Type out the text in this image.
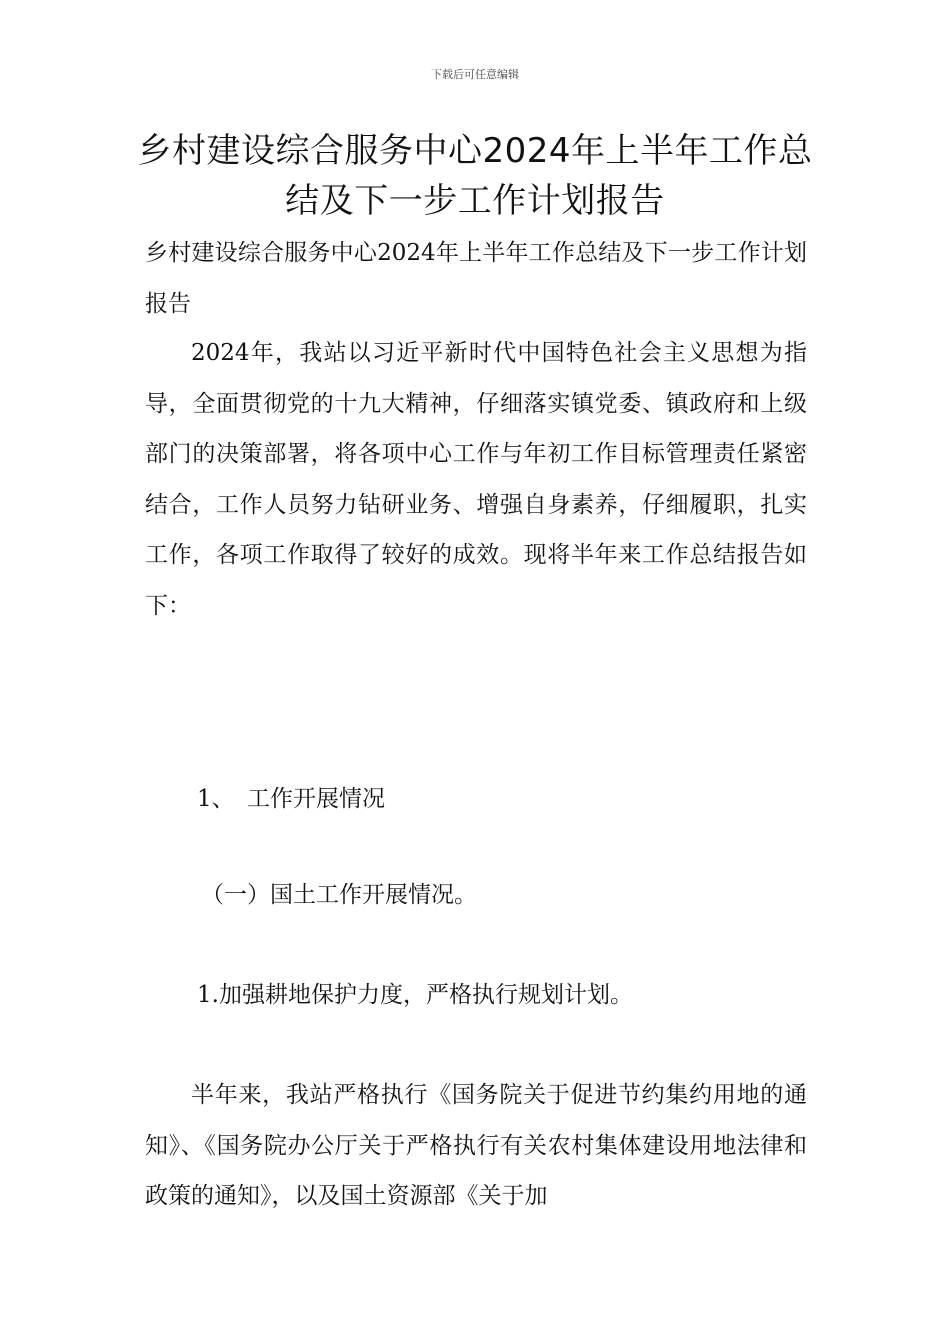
下载后可任意编辑
乡村建设综合服务中心2024年上半年工作总结及下一步工作计划报告

乡村建设综合服务中心2024年上半年工作总结及下一步工作计划报告

2024年，我站以习近平新时代中国特色社会主义思想为指导，全面贯彻党的十九大精神，仔细落实镇党委、镇政府和上级部门的决策部署，将各项中心工作与年初工作目标管理责任紧密结合，工作人员努力钻研业务、增强自身素养，仔细履职，扎实工作，各项工作取得了较好的成效。现将半年来工作总结报告如下：

1、 工作开展情况

（一）国土工作开展情况。

1.加强耕地保护力度，严格执行规划计划。

半年来，我站严格执行《国务院关于促进节约集约用地的通知》、《国务院办公厅关于严格执行有关农村集体建设用地法律和政策的通知》，以及国土资源部《关于加
